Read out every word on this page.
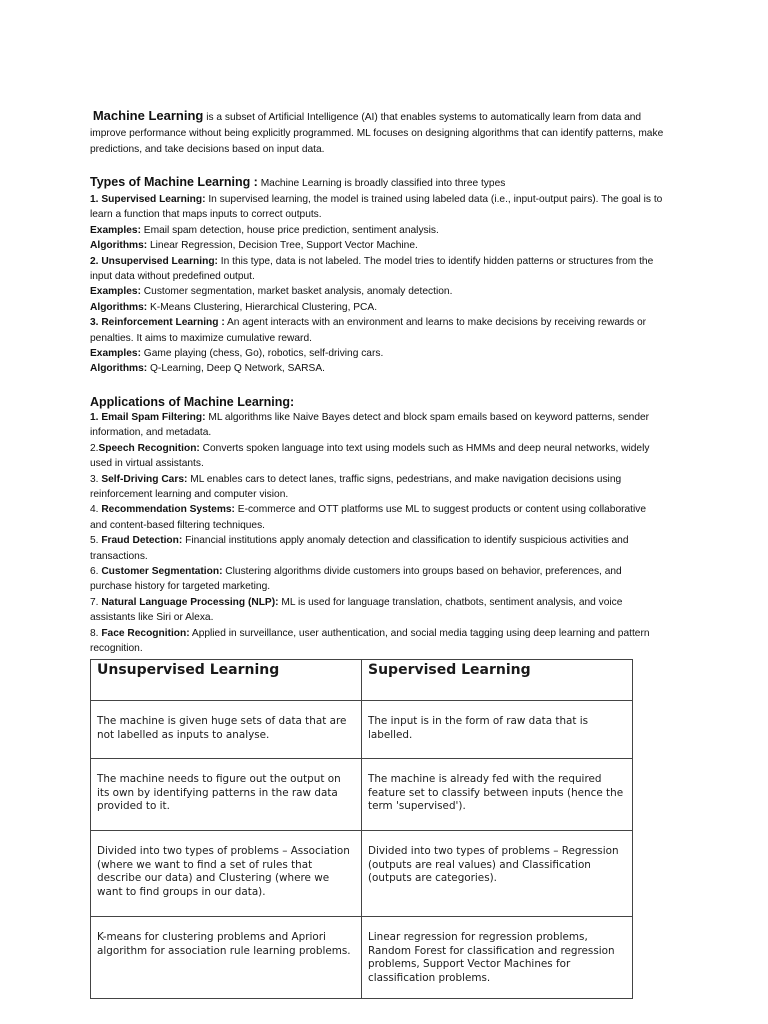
Machine Learning is a subset of Artificial Intelligence (AI) that enables systems to automatically learn from data and improve performance without being explicitly programmed. ML focuses on designing algorithms that can identify patterns, make predictions, and take decisions based on input data.

Types of Machine Learning : Machine Learning is broadly classified into three types

1. Supervised Learning: In supervised learning, the model is trained using labeled data (i.e., input-output pairs). The goal is to learn a function that maps inputs to correct outputs.

Examples: Email spam detection, house price prediction, sentiment analysis.

Algorithms: Linear Regression, Decision Tree, Support Vector Machine.

2. Unsupervised Learning: In this type, data is not labeled. The model tries to identify hidden patterns or structures from the input data without predefined output.

Examples: Customer segmentation, market basket analysis, anomaly detection.

Algorithms: K-Means Clustering, Hierarchical Clustering, PCA.

3. Reinforcement Learning : An agent interacts with an environment and learns to make decisions by receiving rewards or penalties. It aims to maximize cumulative reward.

Examples: Game playing (chess, Go), robotics, self-driving cars.

Algorithms: Q-Learning, Deep Q Network, SARSA.

Applications of Machine Learning:

1. Email Spam Filtering: ML algorithms like Naive Bayes detect and block spam emails based on keyword patterns, sender information, and metadata.

2.Speech Recognition: Converts spoken language into text using models such as HMMs and deep neural networks, widely used in virtual assistants.

3. Self-Driving Cars: ML enables cars to detect lanes, traffic signs, pedestrians, and make navigation decisions using reinforcement learning and computer vision.

4. Recommendation Systems: E-commerce and OTT platforms use ML to suggest products or content using collaborative and content-based filtering techniques.

5. Fraud Detection: Financial institutions apply anomaly detection and classification to identify suspicious activities and transactions.

6. Customer Segmentation: Clustering algorithms divide customers into groups based on behavior, preferences, and purchase history for targeted marketing.

7. Natural Language Processing (NLP): ML is used for language translation, chatbots, sentiment analysis, and voice assistants like Siri or Alexa.

8. Face Recognition: Applied in surveillance, user authentication, and social media tagging using deep learning and pattern recognition.

Unsupervised Learning	Supervised Learning
The machine is given huge sets of data that are not labelled as inputs to analyse.	The input is in the form of raw data that is labelled.
The machine needs to figure out the output on its own by identifying patterns in the raw data provided to it.	The machine is already fed with the required feature set to classify between inputs (hence the term 'supervised').
Divided into two types of problems – Association (where we want to find a set of rules that describe our data) and Clustering (where we want to find groups in our data).	Divided into two types of problems – Regression (outputs are real values) and Classification (outputs are categories).
K-means for clustering problems and Apriori algorithm for association rule learning problems.	Linear regression for regression problems, Random Forest for classification and regression problems, Support Vector Machines for classification problems.
